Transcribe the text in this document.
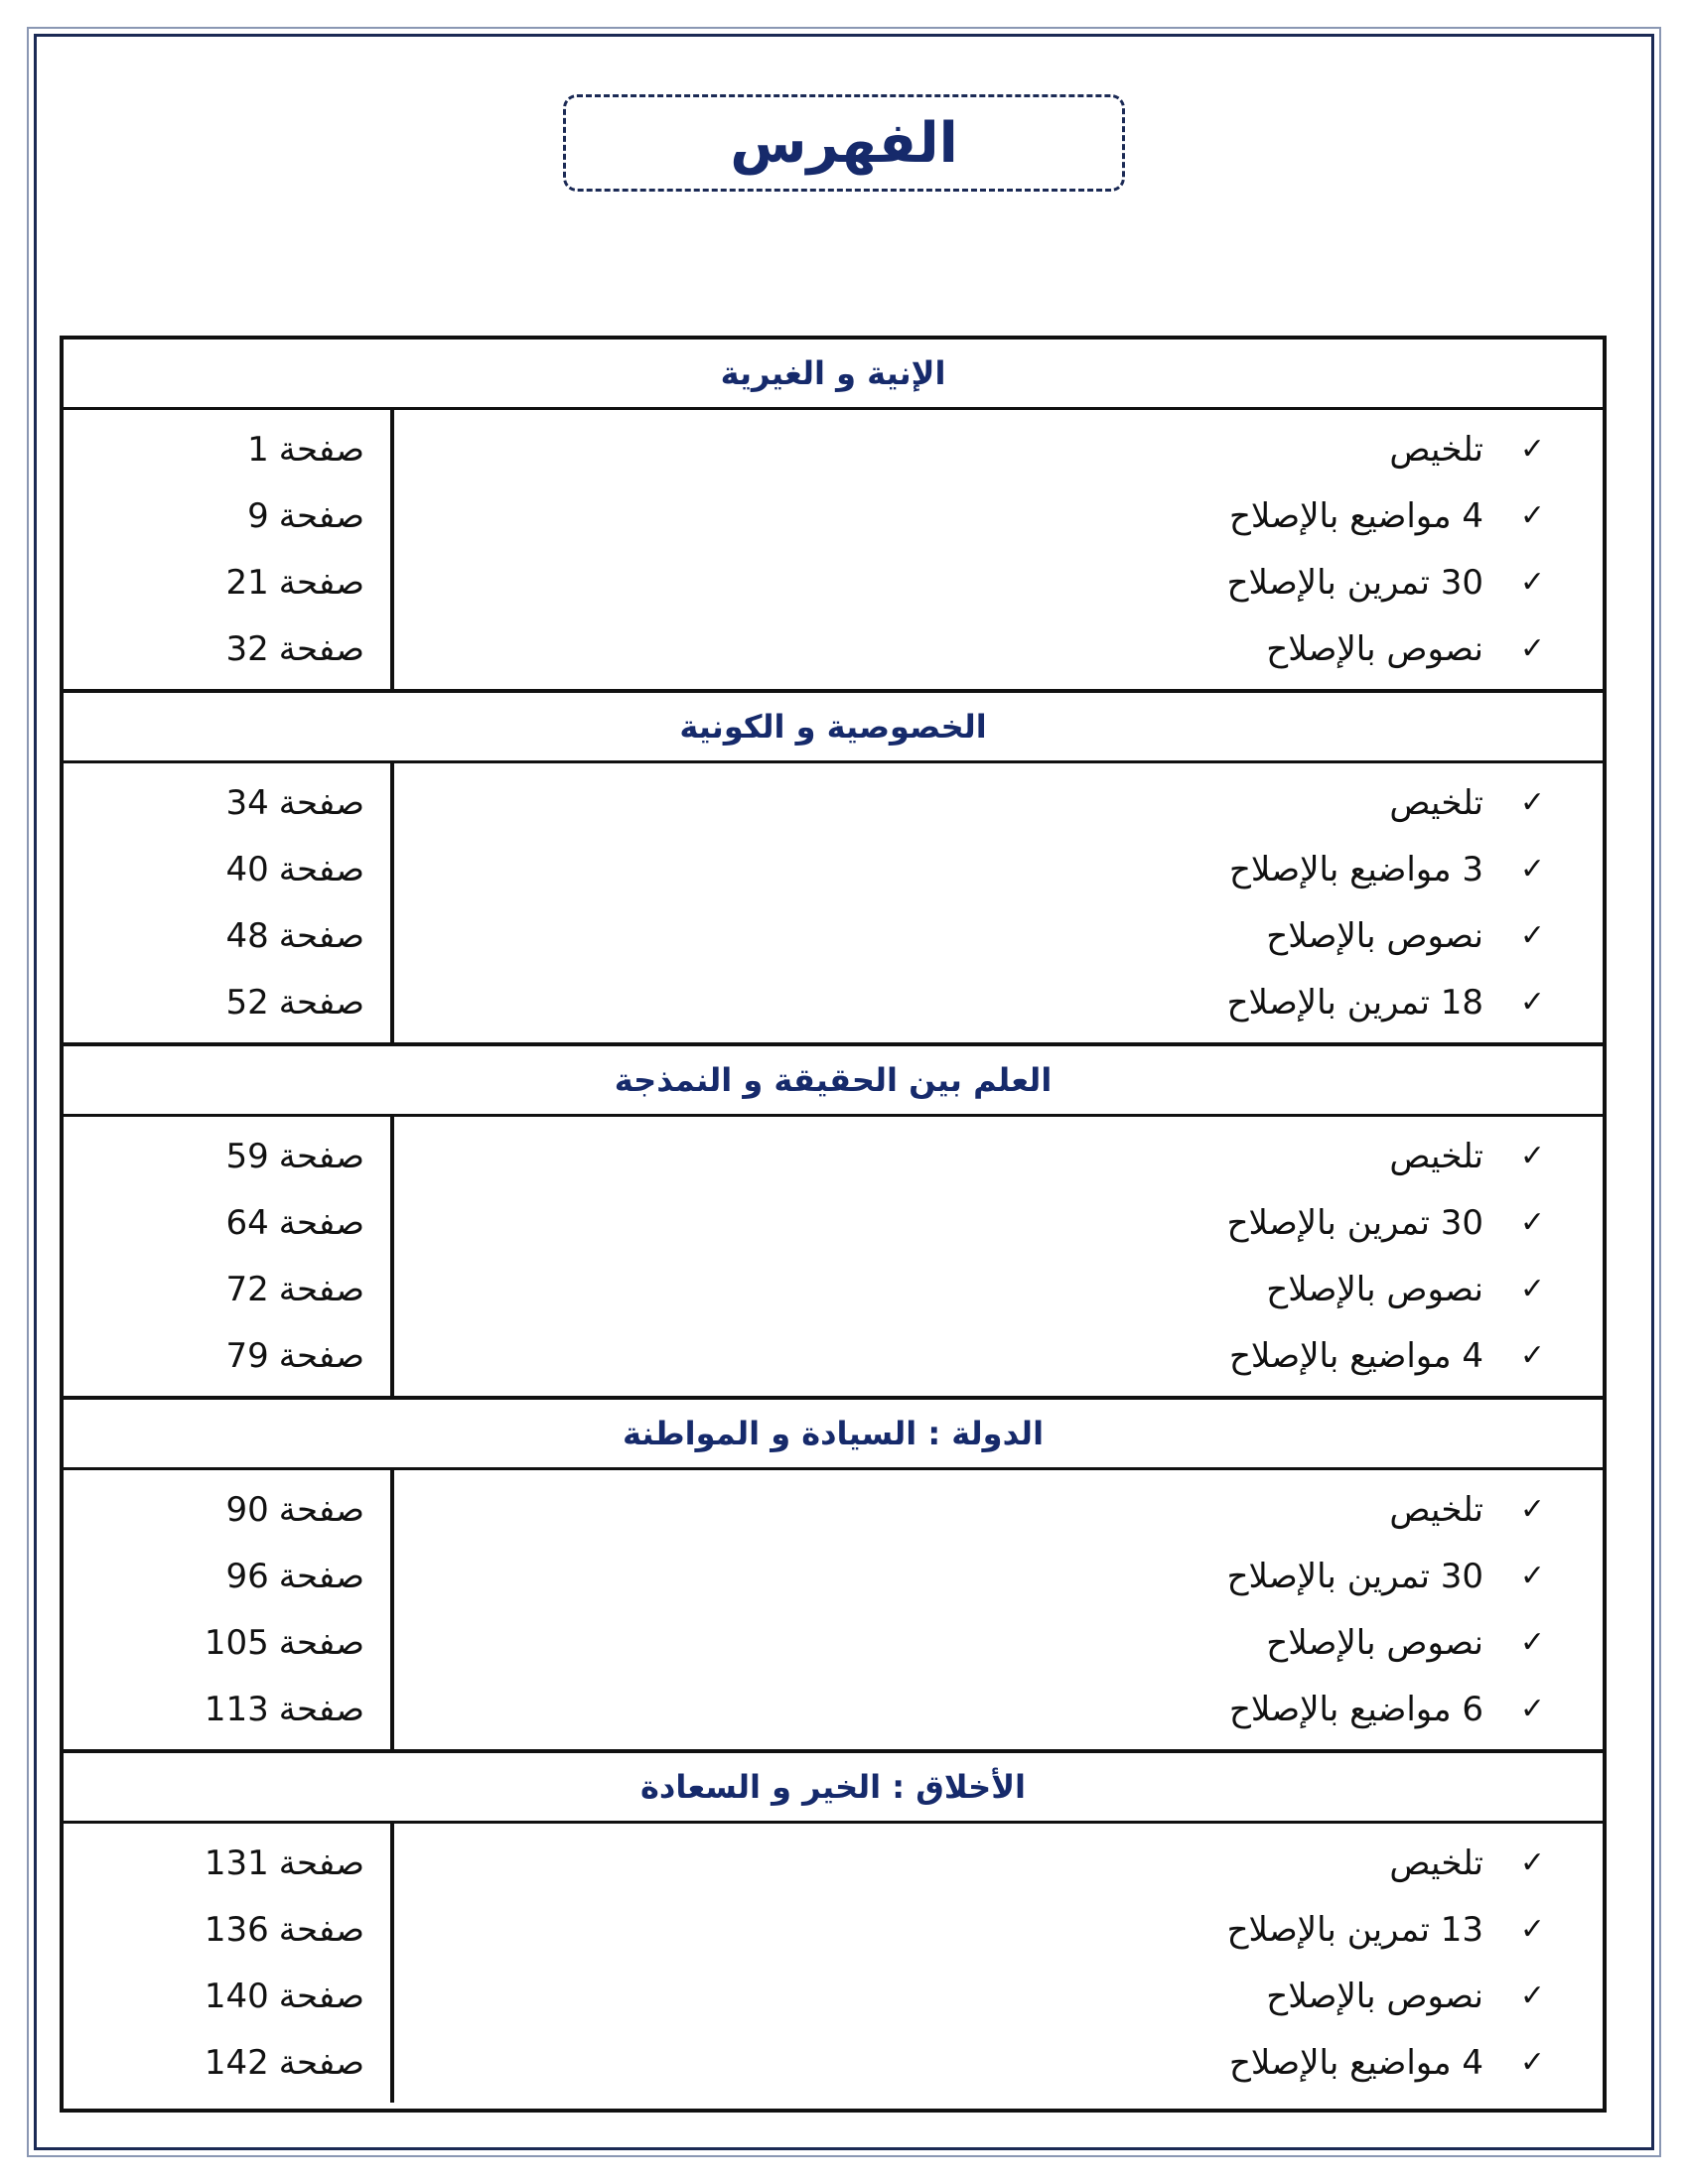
الفهرس
الإنية و الغيرية
✓
تلخيص
✓
4 مواضيع بالإصلاح
✓
30 تمرين بالإصلاح
✓
نصوص بالإصلاح
صفحة
1
صفحة
9
صفحة
21
صفحة
32
الخصوصية و الكونية
✓
تلخيص
✓
3 مواضيع بالإصلاح
✓
نصوص بالإصلاح
✓
18 تمرين بالإصلاح
صفحة
34
صفحة
40
صفحة
48
صفحة
52
العلم بين الحقيقة و النمذجة
✓
تلخيص
✓
30 تمرين بالإصلاح
✓
نصوص بالإصلاح
✓
4 مواضيع بالإصلاح
صفحة
59
صفحة
64
صفحة
72
صفحة
79
الدولة : السيادة و المواطنة
✓
تلخيص
✓
30 تمرين بالإصلاح
✓
نصوص بالإصلاح
✓
6 مواضيع بالإصلاح
صفحة
90
صفحة
96
صفحة
105
صفحة
113
الأخلاق : الخير و السعادة
✓
تلخيص
✓
13 تمرين بالإصلاح
✓
نصوص بالإصلاح
✓
4 مواضيع بالإصلاح
صفحة
131
صفحة
136
صفحة
140
صفحة
142
